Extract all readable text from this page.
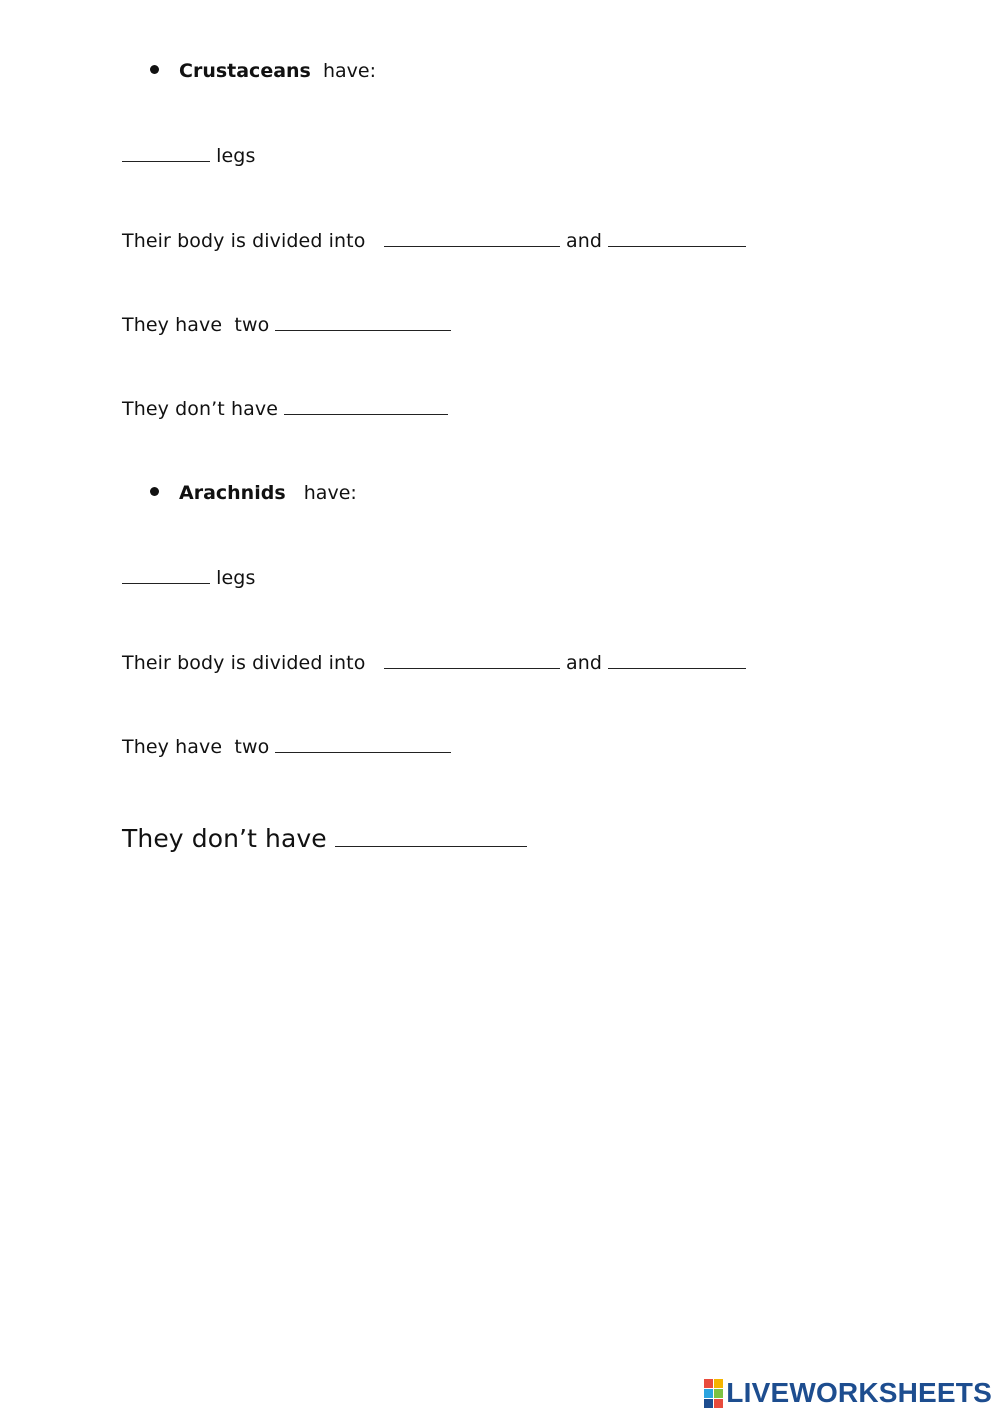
Crustaceans have:
legs
Their body is divided into	and
They have  two
They don’t have
Arachnids have:
legs
Their body is divided into	and
They have  two
They don’t have
LIVEWORKSHEETS
